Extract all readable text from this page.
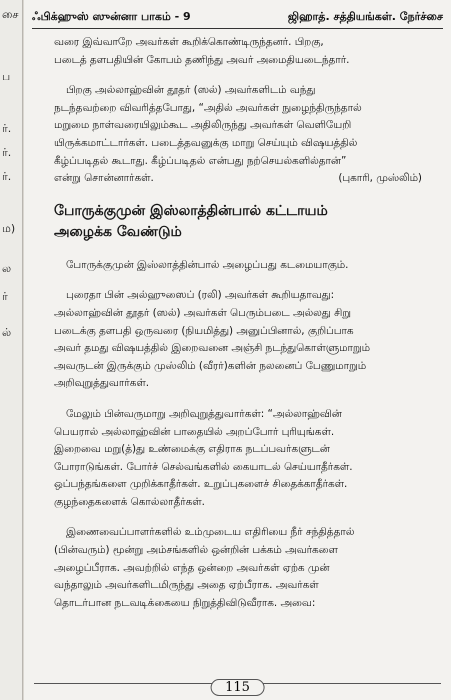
சை
ப
ர்.
ர்.
ர்.
ம)
ல
ர்
ல்
ஃபிக்ஹுஸ் ஸுன்னா பாகம் - 9	ஜிஹாத். சத்தியங்கள். நேர்ச்சை

வரை இவ்வாறே அவர்கள் கூறிக்கொண்டிருந்தனர். பிறகு,
படைத் தளபதியின் கோபம் தணிந்து அவர் அமைதியடைந்தார்.

பிறகு அல்லாஹ்வின் தூதர் (ஸல்) அவர்களிடம் வந்து
நடந்தவற்றை விவரித்தபோது, “அதில் அவர்கள் நுழைந்திருந்தால்
மறுமை நாள்வரையிலும்கூட அதிலிருந்து அவர்கள் வெளியேறி
யிருக்கமாட்டார்கள். படைத்தவனுக்கு மாறு செய்யும் விஷயத்தில்
கீழ்ப்படிதல் கூடாது. கீழ்ப்படிதல் என்பது நற்செயல்களில்தான்”
என்று சொன்னார்கள்.	(புகாரி, முஸ்லிம்)

போருக்குமுன் இஸ்லாத்தின்பால் கட்டாயம்
அழைக்க வேண்டும்

போருக்குமுன் இஸ்லாத்தின்பால் அழைப்பது கடமையாகும்.

புரைதா பின் அல்ஹுஸைப் (ரலி) அவர்கள் கூறியதாவது:
அல்லாஹ்வின் தூதர் (ஸல்) அவர்கள் பெரும்படை அல்லது சிறு
படைக்கு தளபதி ஒருவரை (நியமித்து) அனுப்பினால், குறிப்பாக
அவர் தமது விஷயத்தில் இறைவனை அஞ்சி நடந்துகொள்ளுமாறும்
அவருடன் இருக்கும் முஸ்லிம் (வீரர்)களின் நலனைப் பேணுமாறும்
அறிவுறுத்துவார்கள்.

மேலும் பின்வருமாறு அறிவுறுத்துவார்கள்: “அல்லாஹ்வின்
பெயரால் அல்லாஹ்வின் பாதையில் அறப்போர் புரியுங்கள்.
இறைவை மறு(த்)து உண்மைக்கு எதிராக நடப்பவர்களுடன்
போராடுங்கள். போர்ச் செல்வங்களில் கையாடல் செய்யாதீர்கள்.
ஒப்பந்தங்களை முறிக்காதீர்கள். உறுப்புகளைச் சிதைக்காதீர்கள்.
குழந்தைகளைக் கொல்லாதீர்கள்.

இணைவைப்பாளர்களில் உம்முடைய எதிரியை நீர் சந்தித்தால்
(பின்வரும்) மூன்று அம்சங்களில் ஒன்றின் பக்கம் அவர்களை
அழைப்பீராக. அவற்றில் எந்த ஒன்றை அவர்கள் ஏற்க முன்
வந்தாலும் அவர்களிடமிருந்து அதை ஏற்பீராக. அவர்கள்
தொடர்பான நடவடிக்கையை நிறுத்திவிடுவீராக. அவை:

115
